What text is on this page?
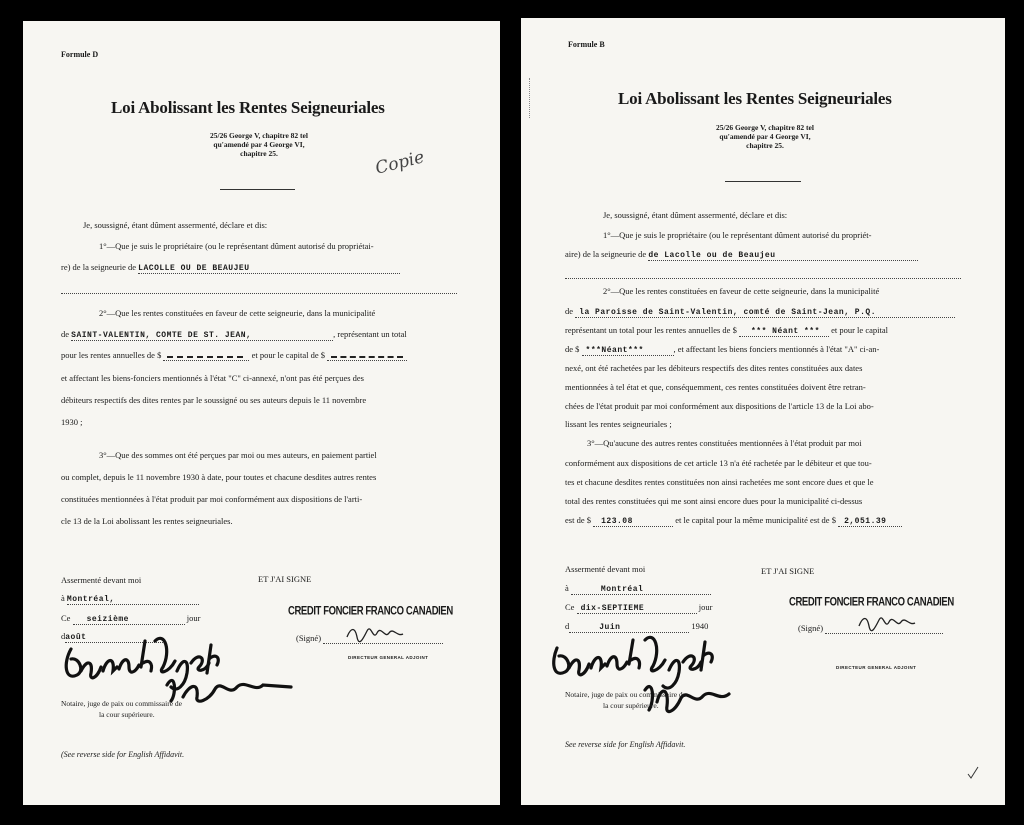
Formule D
Loi Abolissant les Rentes Seigneuriales
25/26 George V, chapitre 82 tel
qu'amendé par 4 George VI,
chapitre 25.	Copie
Je, soussigné, étant dûment assermenté, déclare et dis:
1°—Que je suis le propriétaire (ou le représentant dûment autorisé du propriétai-
re) de la seigneurie de LACOLLE OU DE BEAUJEU

2°—Que les rentes constituées en faveur de cette seigneurie, dans la municipalité
de SAINT-VALENTIN, COMTE DE ST. JEAN,	, représentant un total
pour les rentes annuelles de $	et pour le capital de $
et affectant les biens-fonciers mentionnés à l'état "C" ci-annexé, n'ont pas été perçues des
débiteurs respectifs des dites rentes par le soussigné ou ses auteurs depuis le 11 novembre
1930 ;
3°—Que des sommes ont été perçues par moi ou mes auteurs, en paiement partiel
ou complet, depuis le 11 novembre 1930 à date, pour toutes et chacune desdites autres rentes
constituées mentionnées à l'état produit par moi conformément aux dispositions de l'arti-
cle 13 de la Loi abolissant les rentes seigneuriales.
Assermenté devant moi	ET J'AI SIGNE
à Montréal,
Ce seizième	jour
daoût
CREDIT FONCIER FRANCO CANADIEN
(Signé)
DIRECTEUR GENERAL ADJOINT
Notaire, juge de paix ou commissaire de
la cour supérieure.
(See reverse side for English Affidavit.
Formule B
Loi Abolissant les Rentes Seigneuriales
25/26 George V, chapitre 82 tel
qu'amendé par 4 George VI,
chapitre 25.
Je, soussigné, étant dûment assermenté, déclare et dis:
1°—Que je suis le propriétaire (ou le représentant dûment autorisé du propriét-
aire) de la seigneurie de de Lacolle ou de Beaujeu

2°—Que les rentes constituées en faveur de cette seigneurie, dans la municipalité
de la Paroisse de Saint-Valentin, comté de Saint-Jean, P.Q.
représentant un total pour les rentes annuelles de $ *** Néant *** et pour le capital
de $ ***Néant***	, et affectant les biens fonciers mentionnés à l'état "A" ci-an-
nexé, ont été rachetées par les débiteurs respectifs des dites rentes constituées aux dates
mentionnées à tel état et que, conséquemment, ces rentes constituées doivent être retran-
chées de l'état produit par moi conformément aux dispositions de l'article 13 de la Loi abo-
lissant les rentes seigneuriales ;
3°—Qu'aucune des autres rentes constituées mentionnées à l'état produit par moi
conformément aux dispositions de cet article 13 n'a été rachetée par le débiteur et que tou-
tes et chacune desdites rentes constituées non ainsi rachetées me sont encore dues et que le
total des rentes constituées qui me sont ainsi encore dues pour la municipalité ci-dessus
est de $ 123.08	et le capital pour la même municipalité est de $ 2,051.39
Assermenté devant moi	ET J'AI SIGNE
à	Montréal
Ce dix-SEPTIEME	jour
d	Juin	1940
CREDIT FONCIER FRANCO CANADIEN
(Signé)
DIRECTEUR GENERAL ADJOINT
Notaire, juge de paix ou commissaire de
la cour supérieure.
See reverse side for English Affidavit.
